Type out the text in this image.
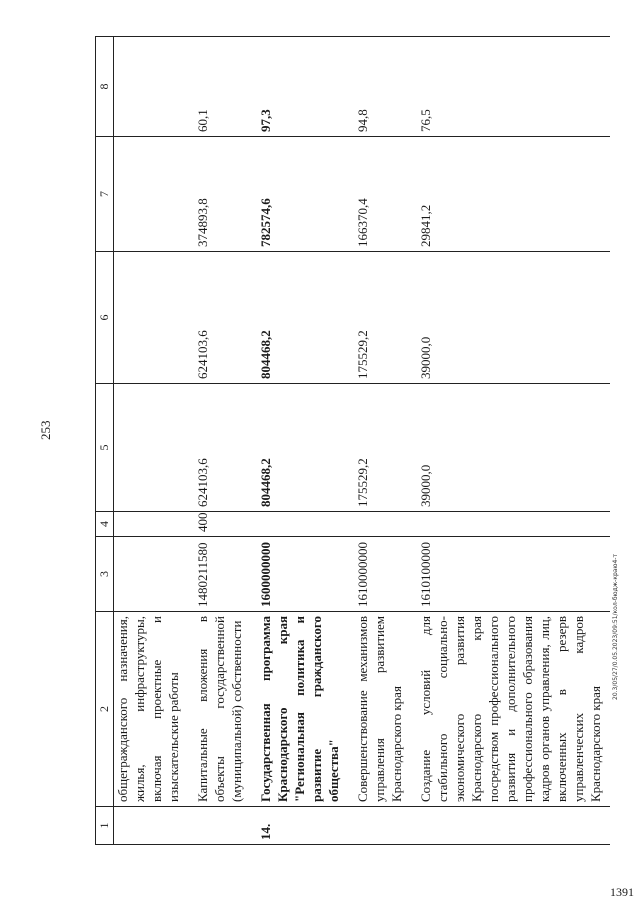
253
1391
20.3/05/27/0.05.2023/09:51/кол-бюдж-краю4-т
1	2	3	4	5	6	7	8
	общегражданского назначения, жилья, инфраструктуры, включая проектные и изыскательские работы						
	Капитальные вложения в объекты государственной (муниципальной) собственности	1480211580	400	624103,6	624103,6	374893,8	60,1
14.	Государственная программа Краснодарского края "Региональная политика и развитие гражданского общества"	1600000000		804468,2	804468,2	782574,6	97,3
	Совершенствование механизмов управления развитием Краснодарского края	1610000000		175529,2	175529,2	166370,4	94,8
	Создание условий для стабильного социально-экономического развития Краснодарского края посредством профессионального развития и дополнительного профессионального образования кадров органов управления, лиц, включенных в резерв управленческих кадров Краснодарского края	1610100000		39000,0	39000,0	29841,2	76,5
